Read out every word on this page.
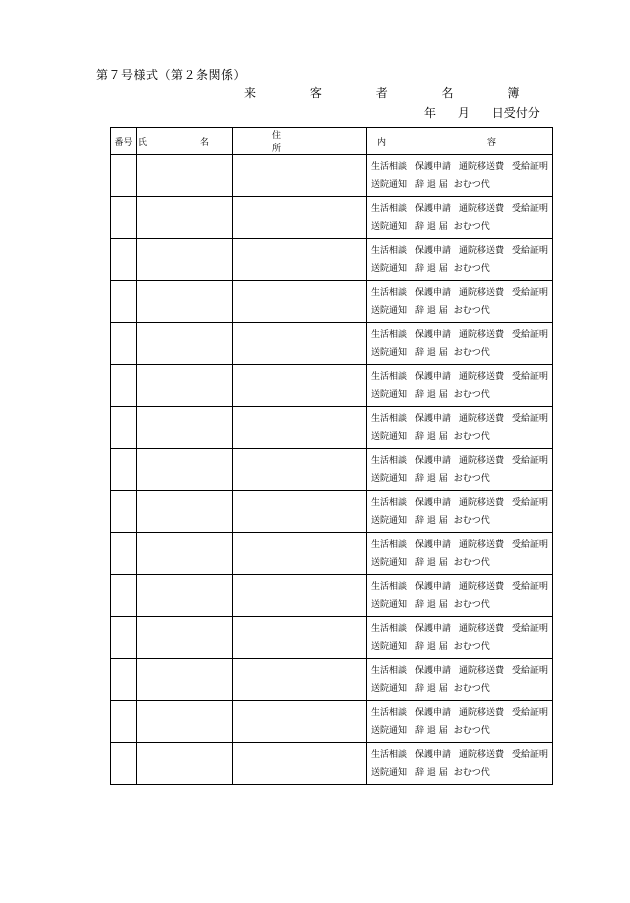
第７号様式（第２条関係）
来	客	者	名	簿
年 月 日受付分
番号	氏　名	住　所	内　容

			生活相談 保護申請 通院移送費 受給証明
送院通知 辞 退 届 おむつ代

			生活相談 保護申請 通院移送費 受給証明
送院通知 辞 退 届 おむつ代

			生活相談 保護申請 通院移送費 受給証明
送院通知 辞 退 届 おむつ代

			生活相談 保護申請 通院移送費 受給証明
送院通知 辞 退 届 おむつ代

			生活相談 保護申請 通院移送費 受給証明
送院通知 辞 退 届 おむつ代

			生活相談 保護申請 通院移送費 受給証明
送院通知 辞 退 届 おむつ代

			生活相談 保護申請 通院移送費 受給証明
送院通知 辞 退 届 おむつ代

			生活相談 保護申請 通院移送費 受給証明
送院通知 辞 退 届 おむつ代

			生活相談 保護申請 通院移送費 受給証明
送院通知 辞 退 届 おむつ代

			生活相談 保護申請 通院移送費 受給証明
送院通知 辞 退 届 おむつ代

			生活相談 保護申請 通院移送費 受給証明
送院通知 辞 退 届 おむつ代

			生活相談 保護申請 通院移送費 受給証明
送院通知 辞 退 届 おむつ代

			生活相談 保護申請 通院移送費 受給証明
送院通知 辞 退 届 おむつ代

			生活相談 保護申請 通院移送費 受給証明
送院通知 辞 退 届 おむつ代

			生活相談 保護申請 通院移送費 受給証明
送院通知 辞 退 届 おむつ代
